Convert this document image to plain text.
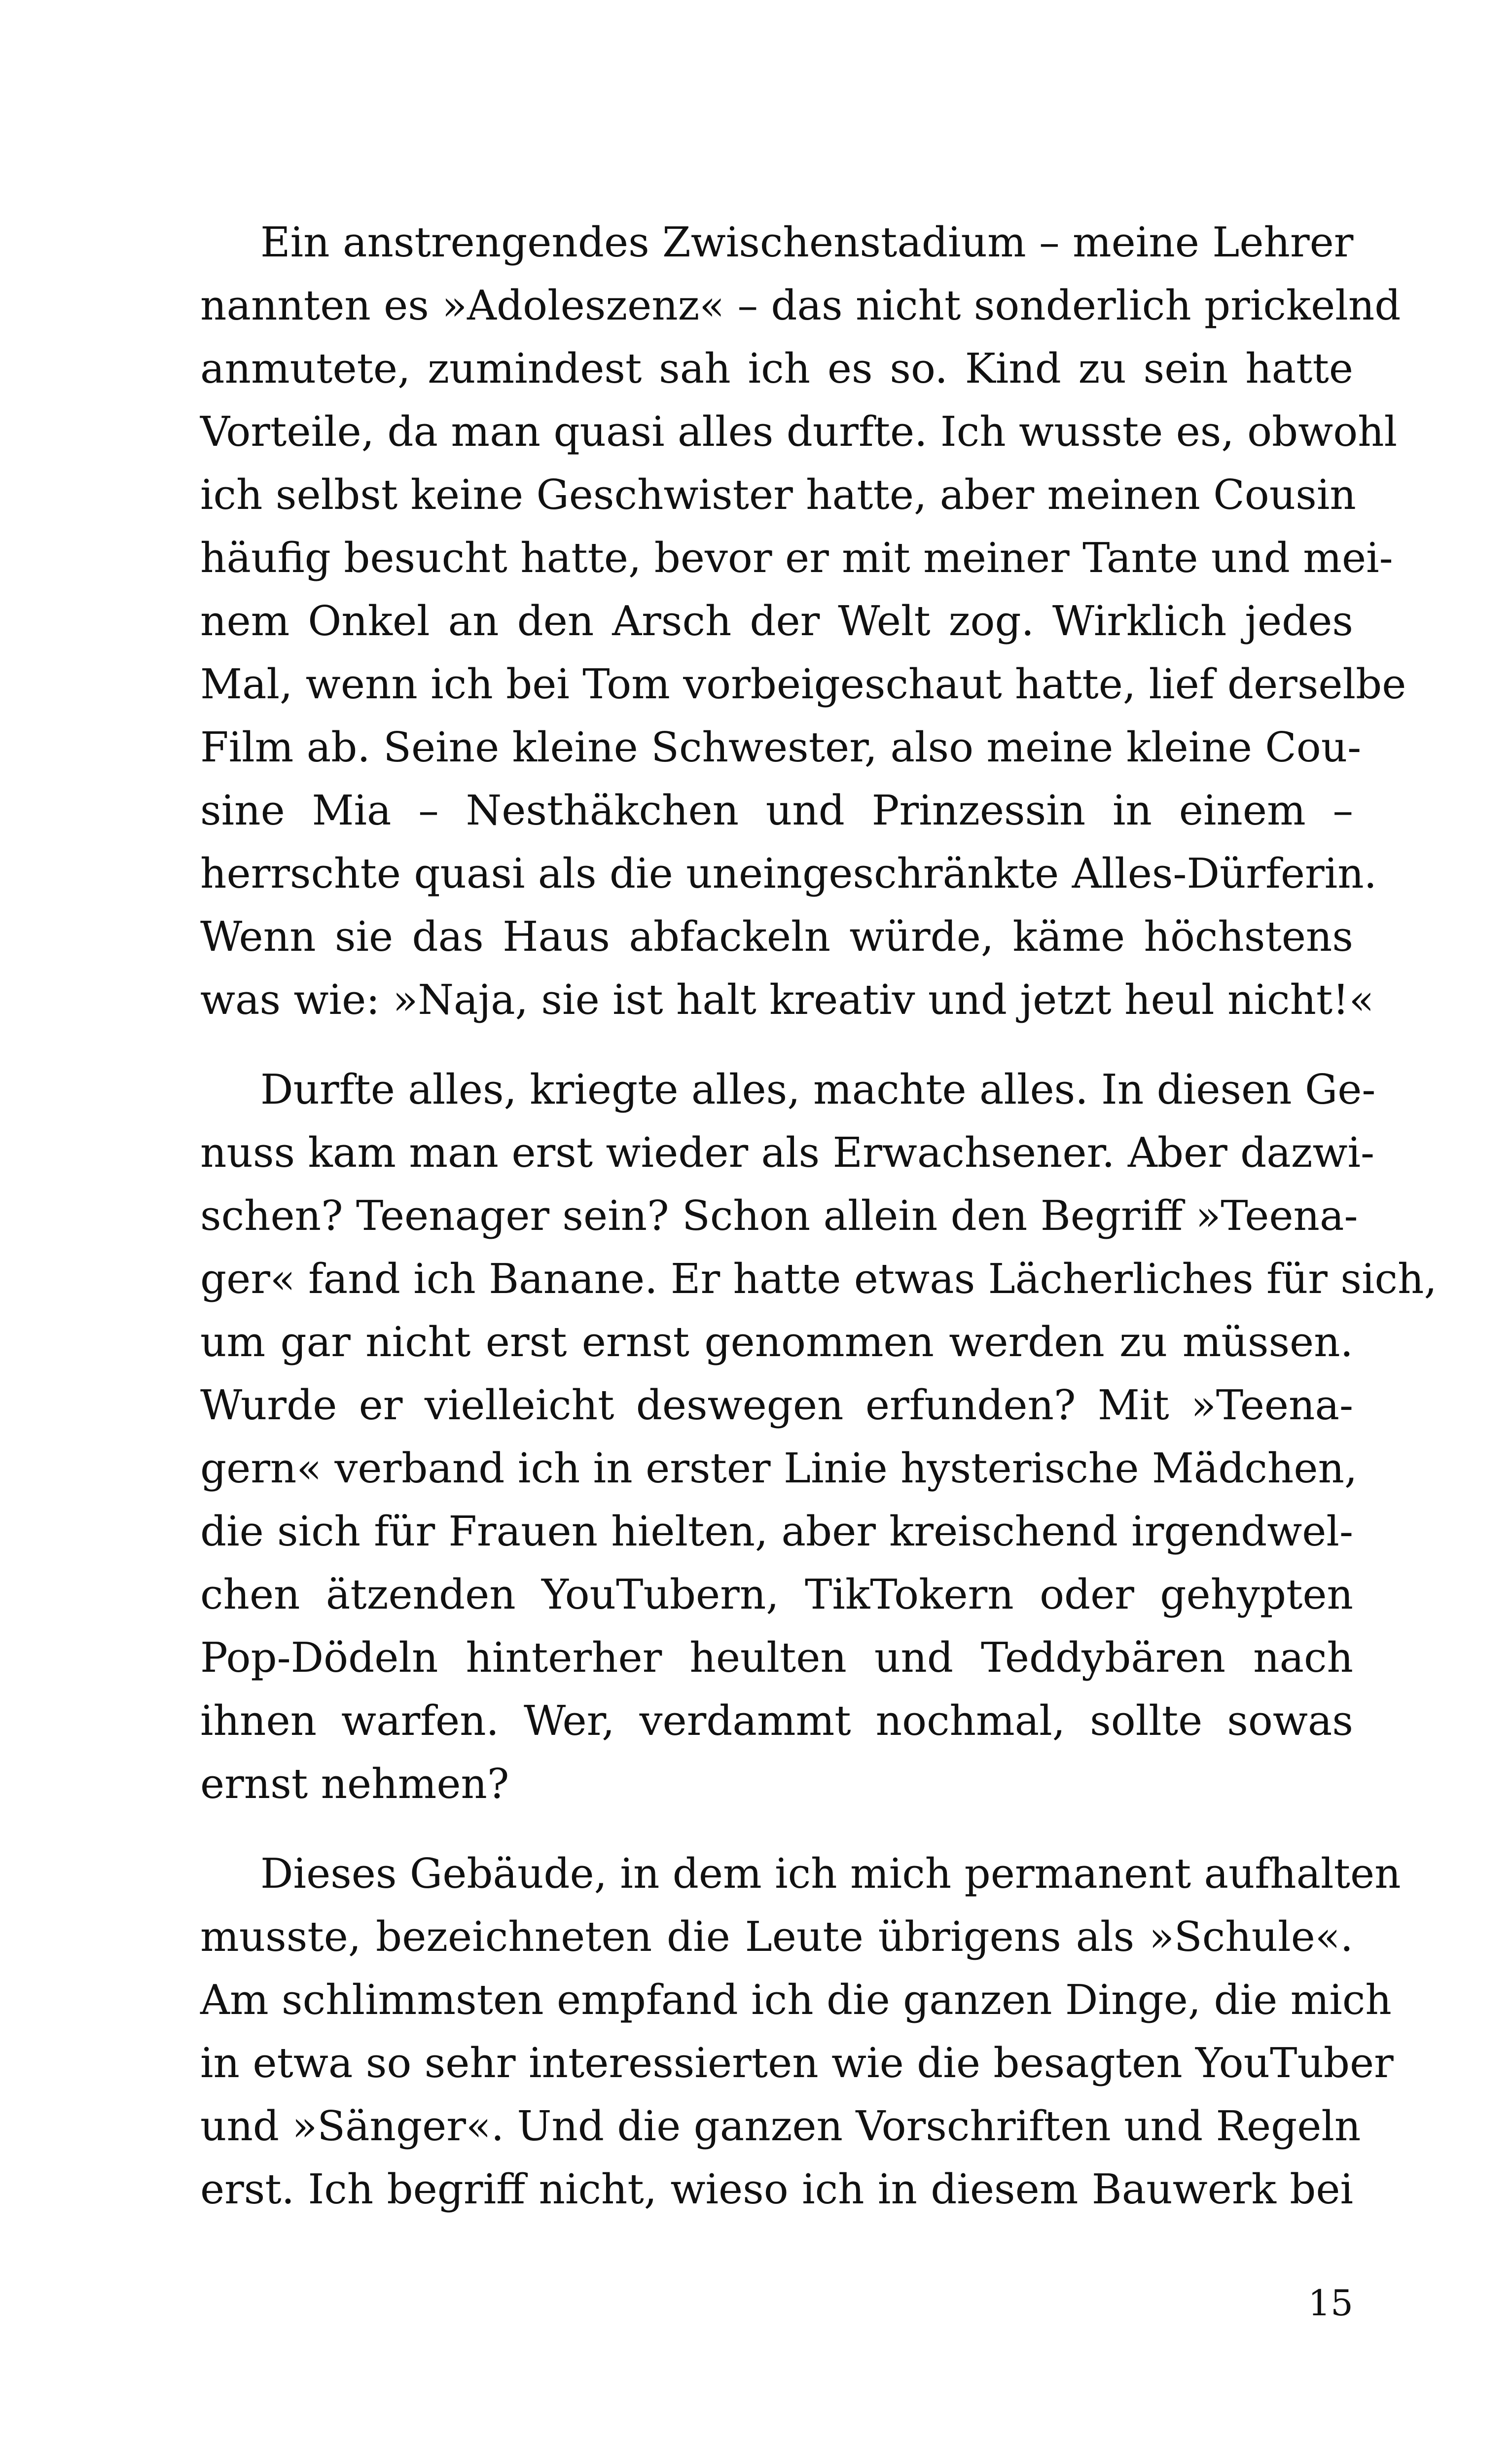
Ein anstrengendes Zwischenstadium – meine Lehrer
nannten es »Adoleszenz« – das nicht sonderlich prickelnd
anmutete, zumindest sah ich es so. Kind zu sein hatte
Vorteile, da man quasi alles durfte. Ich wusste es, obwohl
ich selbst keine Geschwister hatte, aber meinen Cousin
häufig besucht hatte, bevor er mit meiner Tante und mei-
nem Onkel an den Arsch der Welt zog. Wirklich jedes
Mal, wenn ich bei Tom vorbeigeschaut hatte, lief derselbe
Film ab. Seine kleine Schwester, also meine kleine Cou-
sine Mia – Nesthäkchen und Prinzessin in einem –
herrschte quasi als die uneingeschränkte Alles-Dürferin.
Wenn sie das Haus abfackeln würde, käme höchstens
was wie: »Naja, sie ist halt kreativ und jetzt heul nicht!«
Durfte alles, kriegte alles, machte alles. In diesen Ge-
nuss kam man erst wieder als Erwachsener. Aber dazwi-
schen? Teenager sein? Schon allein den Begriff »Teena-
ger« fand ich Banane. Er hatte etwas Lächerliches für sich,
um gar nicht erst ernst genommen werden zu müssen.
Wurde er vielleicht deswegen erfunden? Mit »Teena-
gern« verband ich in erster Linie hysterische Mädchen,
die sich für Frauen hielten, aber kreischend irgendwel-
chen ätzenden YouTubern, TikTokern oder gehypten
Pop-Dödeln hinterher heulten und Teddybären nach
ihnen warfen. Wer, verdammt nochmal, sollte sowas
ernst nehmen?
Dieses Gebäude, in dem ich mich permanent aufhalten
musste, bezeichneten die Leute übrigens als »Schule«.
Am schlimmsten empfand ich die ganzen Dinge, die mich
in etwa so sehr interessierten wie die besagten YouTuber
und »Sänger«. Und die ganzen Vorschriften und Regeln
erst. Ich begriff nicht, wieso ich in diesem Bauwerk bei
15
